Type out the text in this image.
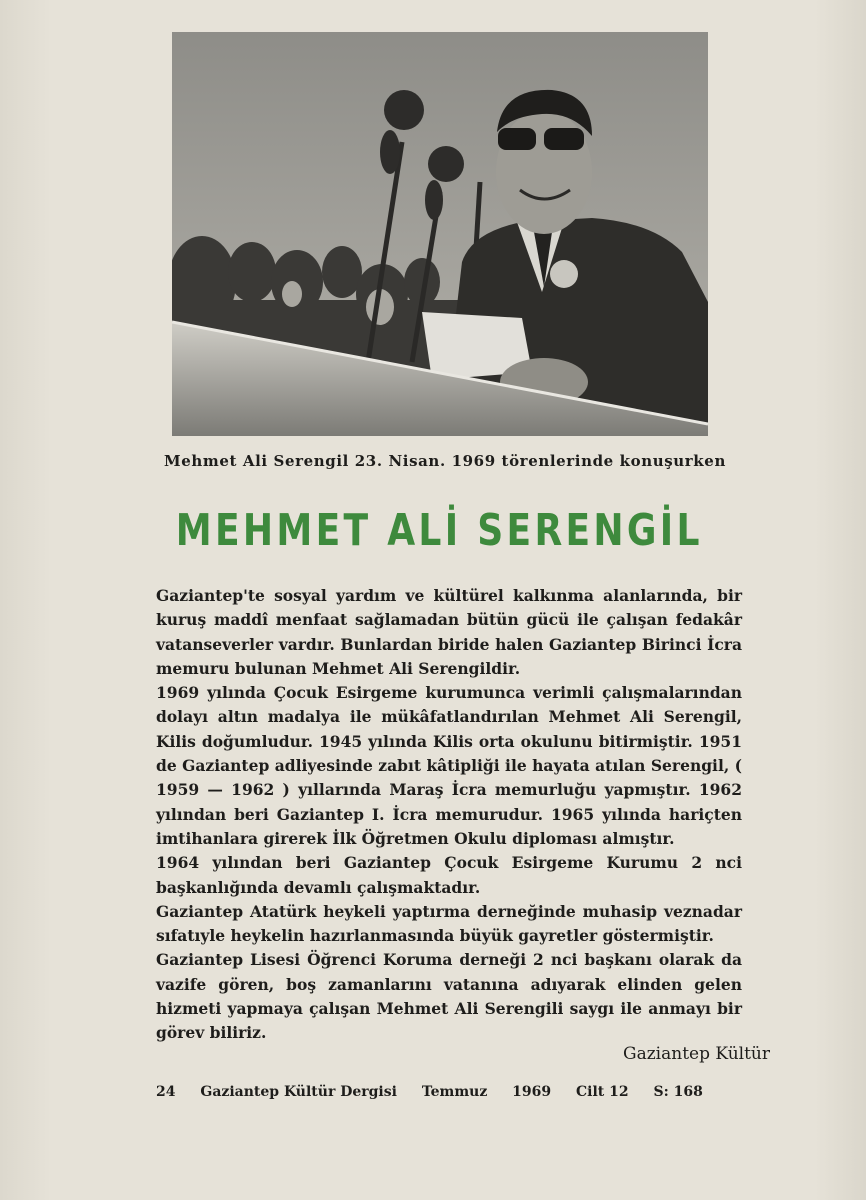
Mehmet Ali Serengil 23. Nisan. 1969 törenlerinde konuşurken
MEHMET ALİ SERENGİL

Gaziantep'te sosyal yardım ve kültürel kalkınma alanlarında, bir kuruş maddî menfaat sağlamadan bütün gücü ile çalışan fedakâr vatanseverler vardır. Bunlardan biride halen Gaziantep Birinci İcra memuru bulunan Mehmet Ali Serengildir.

1969 yılında Çocuk Esirgeme kurumunca verimli çalışmalarından dolayı altın madalya ile mükâfatlandırılan Mehmet Ali Serengil, Kilis doğumludur. 1945 yılında Kilis orta okulunu bitirmiştir. 1951 de Gaziantep adliyesinde zabıt kâtipliği ile hayata atılan Serengil, ( 1959 — 1962 ) yıllarında Maraş İcra memurluğu yapmıştır. 1962 yılından beri Gaziantep I. İcra memurudur. 1965 yılında hariçten imtihanlara girerek İlk Öğretmen Okulu diploması almıştır.

1964 yılından beri Gaziantep Çocuk Esirgeme Kurumu 2 nci başkanlığında devamlı çalışmaktadır.

Gaziantep Atatürk heykeli yaptırma derneğinde muhasip veznadar sıfatıyle heykelin hazırlanmasında büyük gayretler göstermiştir.

Gaziantep Lisesi Öğrenci Koruma derneği 2 nci başkanı olarak da vazife gören, boş zamanlarını vatanına adıyarak elinden gelen hizmeti yapmaya çalışan Mehmet Ali Serengili saygı ile anmayı bir görev biliriz.

Gaziantep Kültür
24 Gaziantep Kültür Dergisi Temmuz 1969 Cilt 12 S: 168
